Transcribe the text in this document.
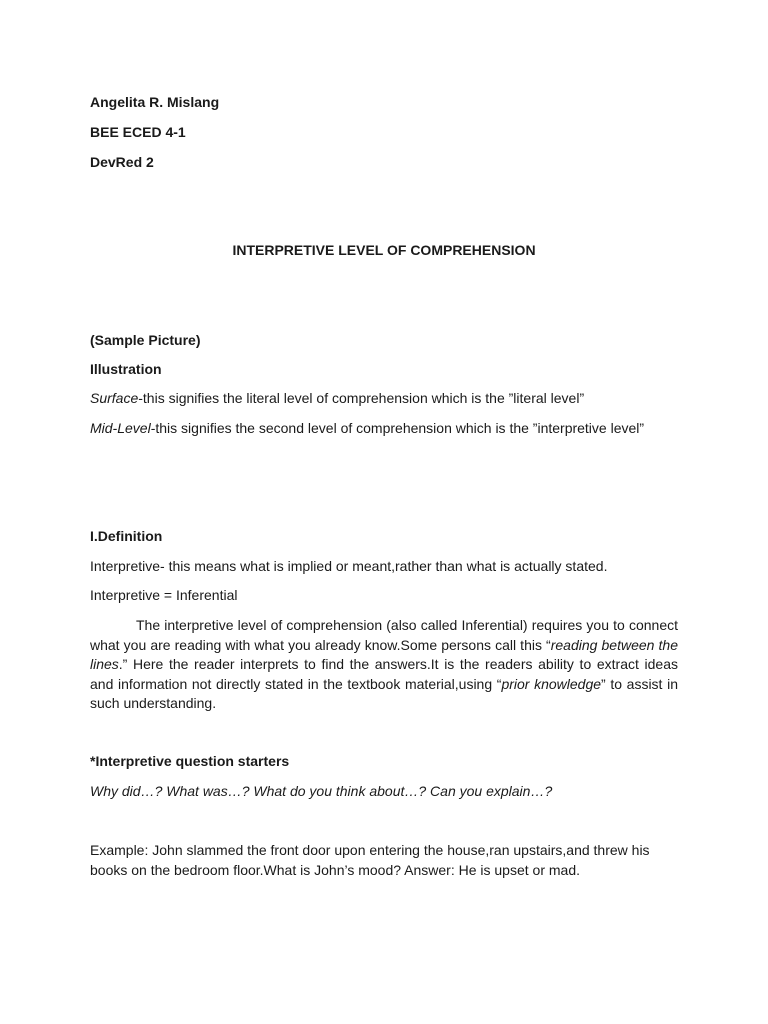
Angelita R. Mislang
BEE ECED 4-1
DevRed 2
INTERPRETIVE LEVEL OF COMPREHENSION
(Sample Picture)
Illustration
Surface-this signifies the literal level of comprehension which is the ”literal level”
Mid-Level-this signifies the second level of comprehension which is the ”interpretive level”
I.Definition
Interpretive- this means what is implied or meant,rather than what is actually stated.
Interpretive = Inferential
The interpretive level of comprehension (also called Inferential) requires you to connect what you are reading with what you already know.Some persons call this “reading between the lines.” Here the reader interprets to find the answers.It is the readers ability to extract ideas and information not directly stated in the textbook material,using “prior knowledge” to assist in such understanding.
*Interpretive question starters
Why did…? What was…? What do you think about…? Can you explain…?
Example: John slammed the front door upon entering the house,ran upstairs,and threw his books on the bedroom floor.What is John’s mood? Answer: He is upset or mad.
